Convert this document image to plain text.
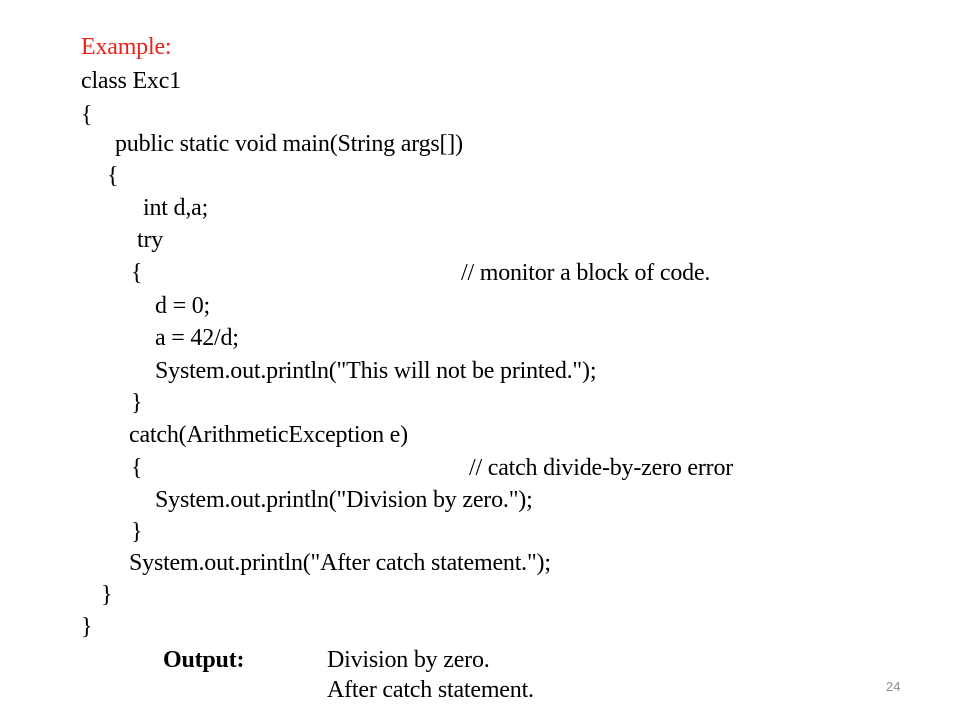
Example:
class Exc1
{
public static void main(String args[])
{
int d,a;
try
{	// monitor a block of code.
d = 0;
a = 42/d;
System.out.println("This will not be printed.");
}
catch(ArithmeticException e)
{	// catch divide-by-zero error
System.out.println("Division by zero.");
}
System.out.println("After catch statement.");
}
}
Output:	Division by zero.
After catch statement.	24
